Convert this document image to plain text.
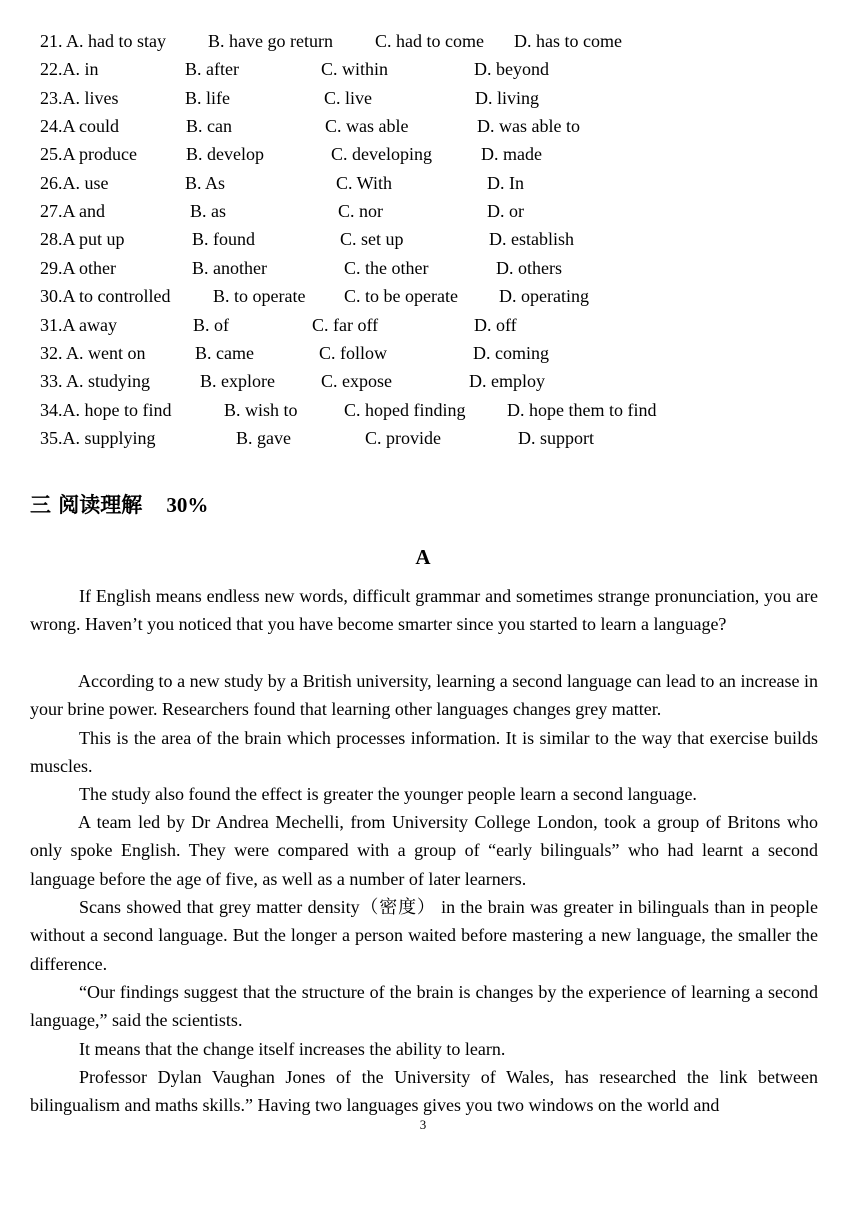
21. A. had to stay B. have go return C. had to come D. has to come
22.A. in	B. after	C. within	D. beyond
23.A. lives	B. life	C. live	D. living
24.A could	B. can	C. was able	D. was able to
25.A produce	B. develop	C. developing	D. made
26.A. use	B. As	C. With	D. In
27.A and	B. as	C. nor	D. or
28.A put up	B. found	C. set up	D. establish
29.A other	B. another	C. the other	D. others
30.A to controlled B. to operate C. to be operate D. operating
31.A away	B. of	C. far off	D. off
32. A. went on	B. came	C. follow	D. coming
33. A. studying	B. explore	C. expose	D. employ
34.A. hope to find	B. wish to	C. hoped finding D. hope them to find
35.A. supplying	B. gave	C. provide	D. support
三 阅读理解 30%
A
If English means endless new words, difficult grammar and sometimes strange pronunciation, you are wrong. Haven’t you noticed that you have become smarter since you started to learn a language?
According to a new study by a British university, learning a second language can lead to an increase in your brine power. Researchers found that learning other languages changes grey matter.
This is the area of the brain which processes information. It is similar to the way that exercise builds muscles.
The study also found the effect is greater the younger people learn a second language.
A team led by Dr Andrea Mechelli, from University College London, took a group of Britons who only spoke English. They were compared with a group of “early bilinguals” who had learnt a second language before the age of five, as well as a number of later learners.
Scans showed that grey matter density（密度） in the brain was greater in bilinguals than in people without a second language. But the longer a person waited before mastering a new language, the smaller the difference.
“Our findings suggest that the structure of the brain is changes by the experience of learning a second language,” said the scientists.
It means that the change itself increases the ability to learn.
Professor Dylan Vaughan Jones of the University of Wales, has researched the link between bilingualism and maths skills.” Having two languages gives you two windows on the world and
3
